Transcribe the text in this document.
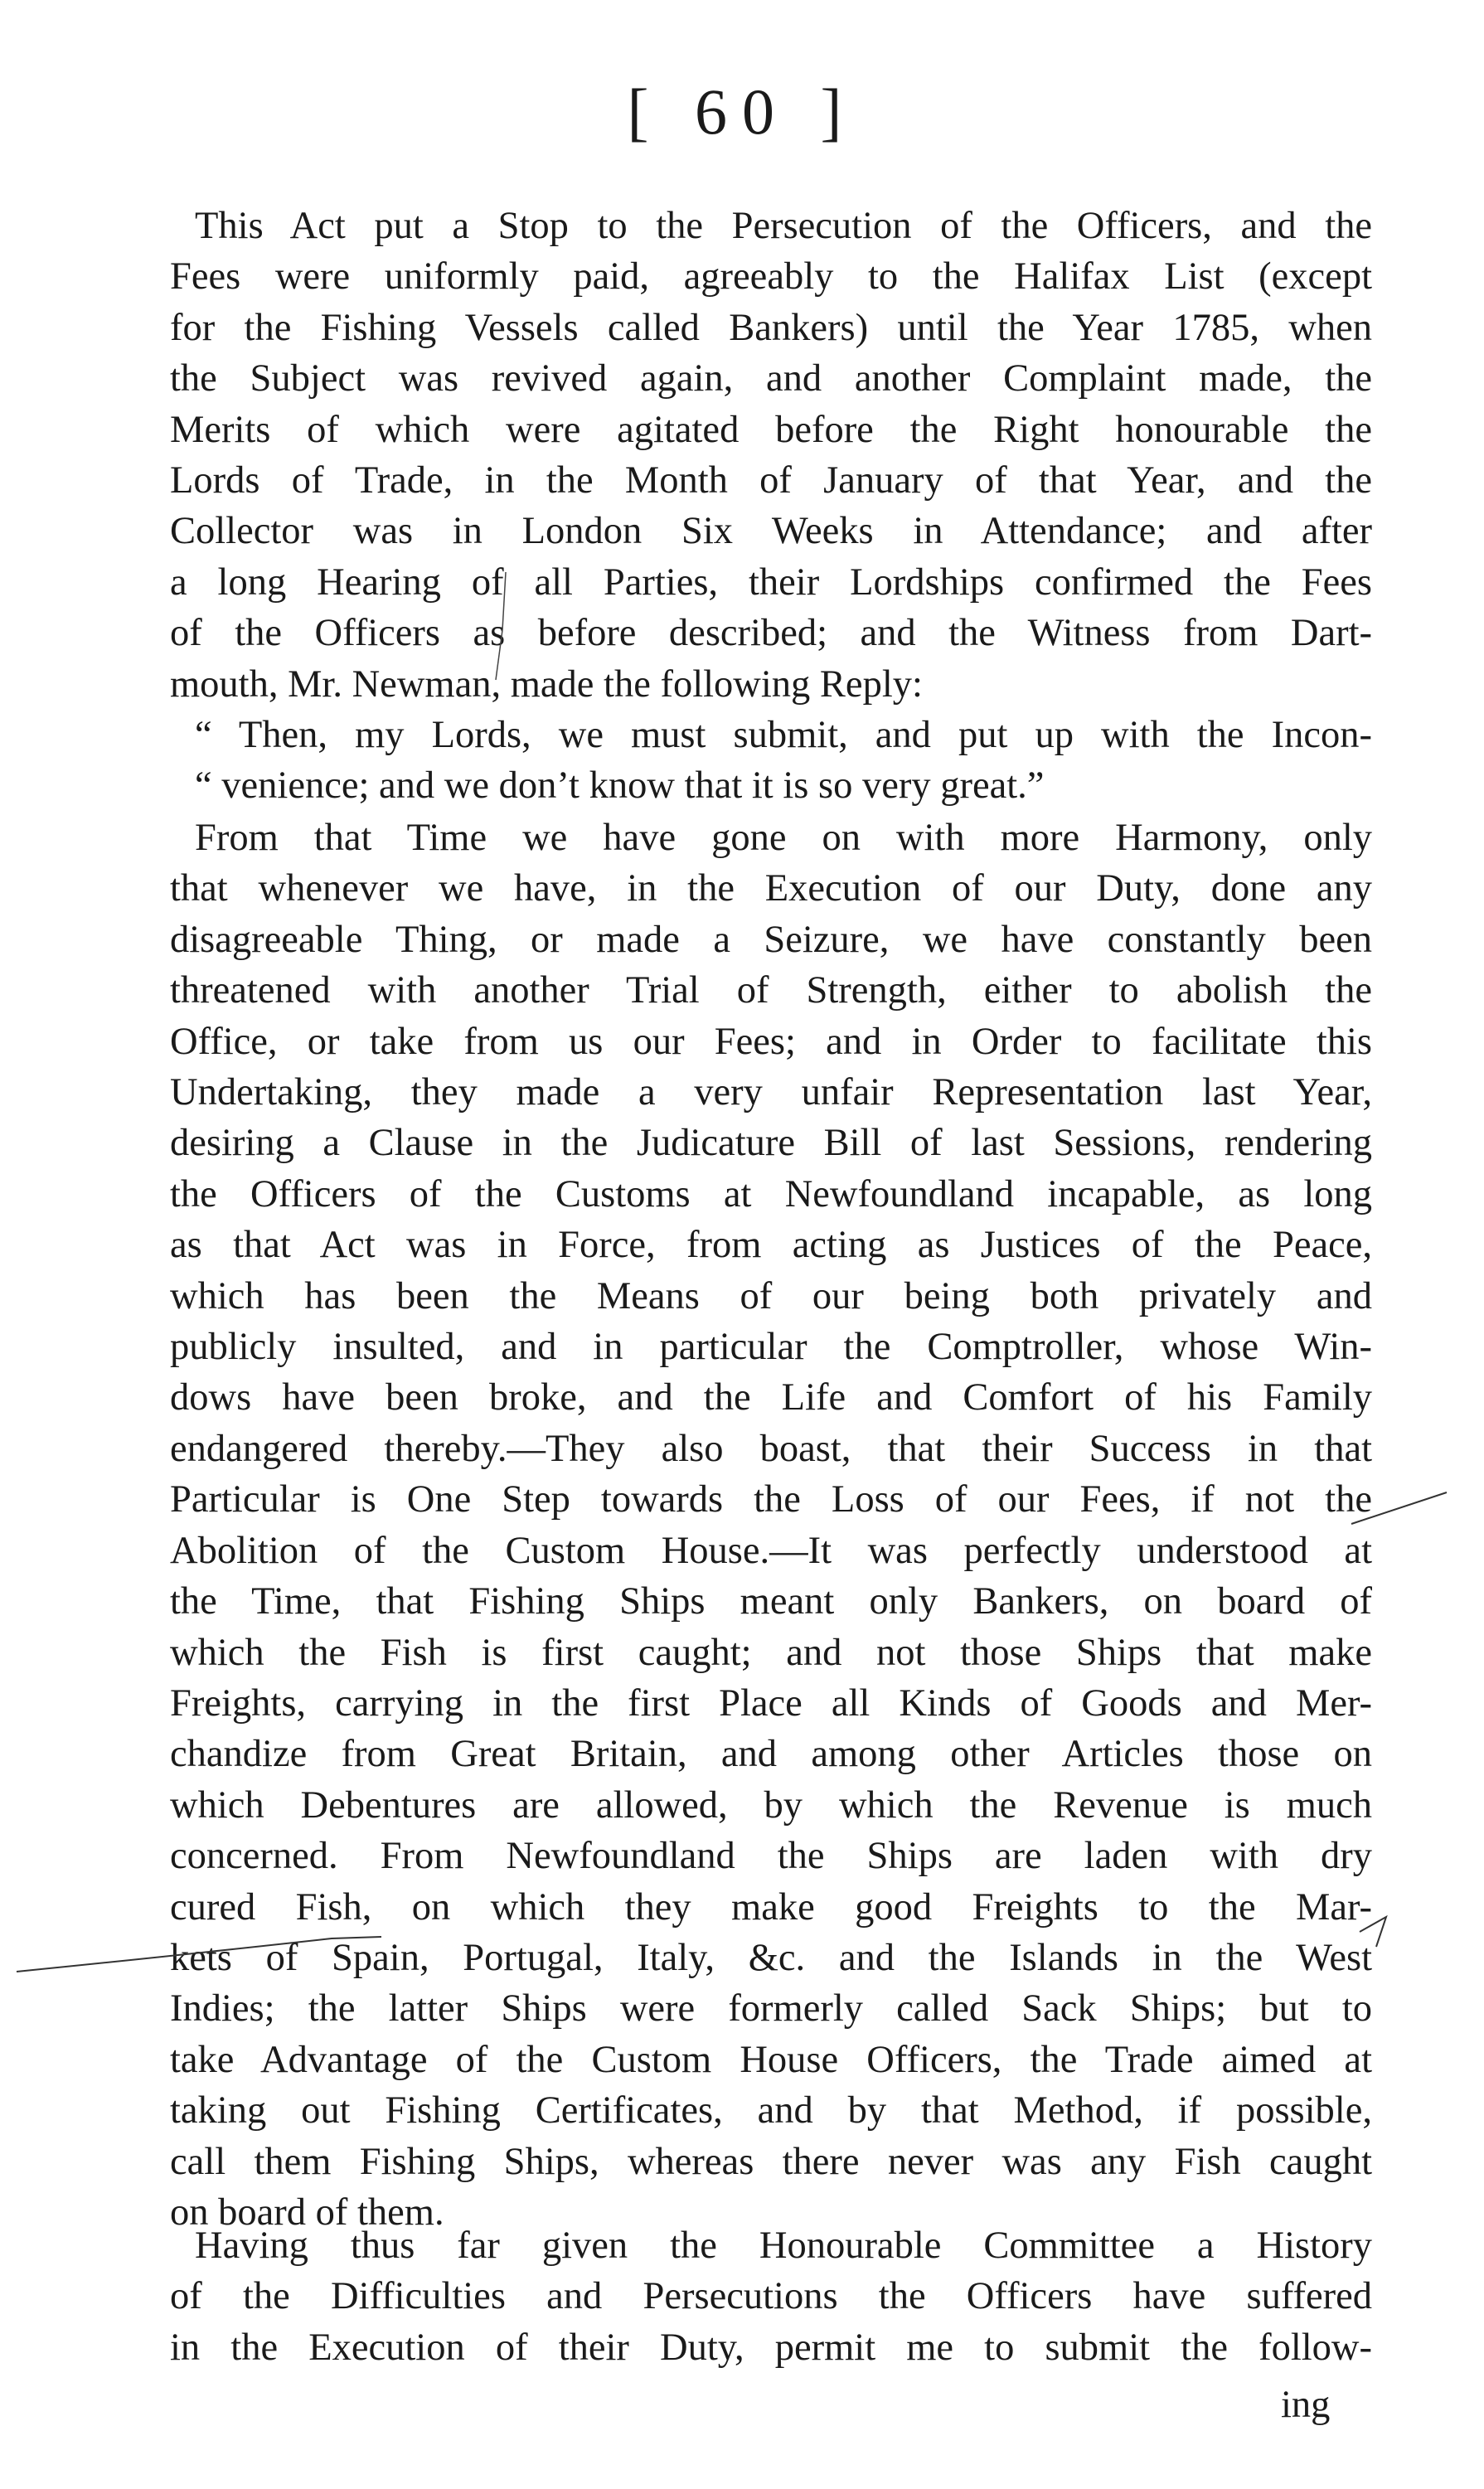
[ 60 ]
This Act put a Stop to the Persecution of the Officers, and the
Fees were uniformly paid, agreeably to the Halifax List (except
for the Fishing Vessels called Bankers) until the Year 1785, when
the Subject was revived again, and another Complaint made, the
Merits of which were agitated before the Right honourable the
Lords of Trade, in the Month of January of that Year, and the
Collector was in London Six Weeks in Attendance; and after
a long Hearing of all Parties, their Lordships confirmed the Fees
of the Officers as before described; and the Witness from Dart-
mouth, Mr. Newman, made the following Reply:
“ Then, my Lords, we must submit, and put up with the Incon-
“ venience; and we don’t know that it is so very great.”
From that Time we have gone on with more Harmony, only
that whenever we have, in the Execution of our Duty, done any
disagreeable Thing, or made a Seizure, we have constantly been
threatened with another Trial of Strength, either to abolish the
Office, or take from us our Fees; and in Order to facilitate this
Undertaking, they made a very unfair Representation last Year,
desiring a Clause in the Judicature Bill of last Sessions, rendering
the Officers of the Customs at Newfoundland incapable, as long
as that Act was in Force, from acting as Justices of the Peace,
which has been the Means of our being both privately and
publicly insulted, and in particular the Comptroller, whose Win-
dows have been broke, and the Life and Comfort of his Family
endangered thereby.—They also boast, that their Success in that
Particular is One Step towards the Loss of our Fees, if not the
Abolition of the Custom House.—It was perfectly understood at
the Time, that Fishing Ships meant only Bankers, on board of
which the Fish is first caught; and not those Ships that make
Freights, carrying in the first Place all Kinds of Goods and Mer-
chandize from Great Britain, and among other Articles those on
which Debentures are allowed, by which the Revenue is much
concerned. From Newfoundland the Ships are laden with dry
cured Fish, on which they make good Freights to the Mar-
kets of Spain, Portugal, Italy, &c. and the Islands in the West
Indies; the latter Ships were formerly called Sack Ships; but to
take Advantage of the Custom House Officers, the Trade aimed at
taking out Fishing Certificates, and by that Method, if possible,
call them Fishing Ships, whereas there never was any Fish caught
on board of them.
Having thus far given the Honourable Committee a History
of the Difficulties and Persecutions the Officers have suffered
in the Execution of their Duty, permit me to submit the follow-
ing
